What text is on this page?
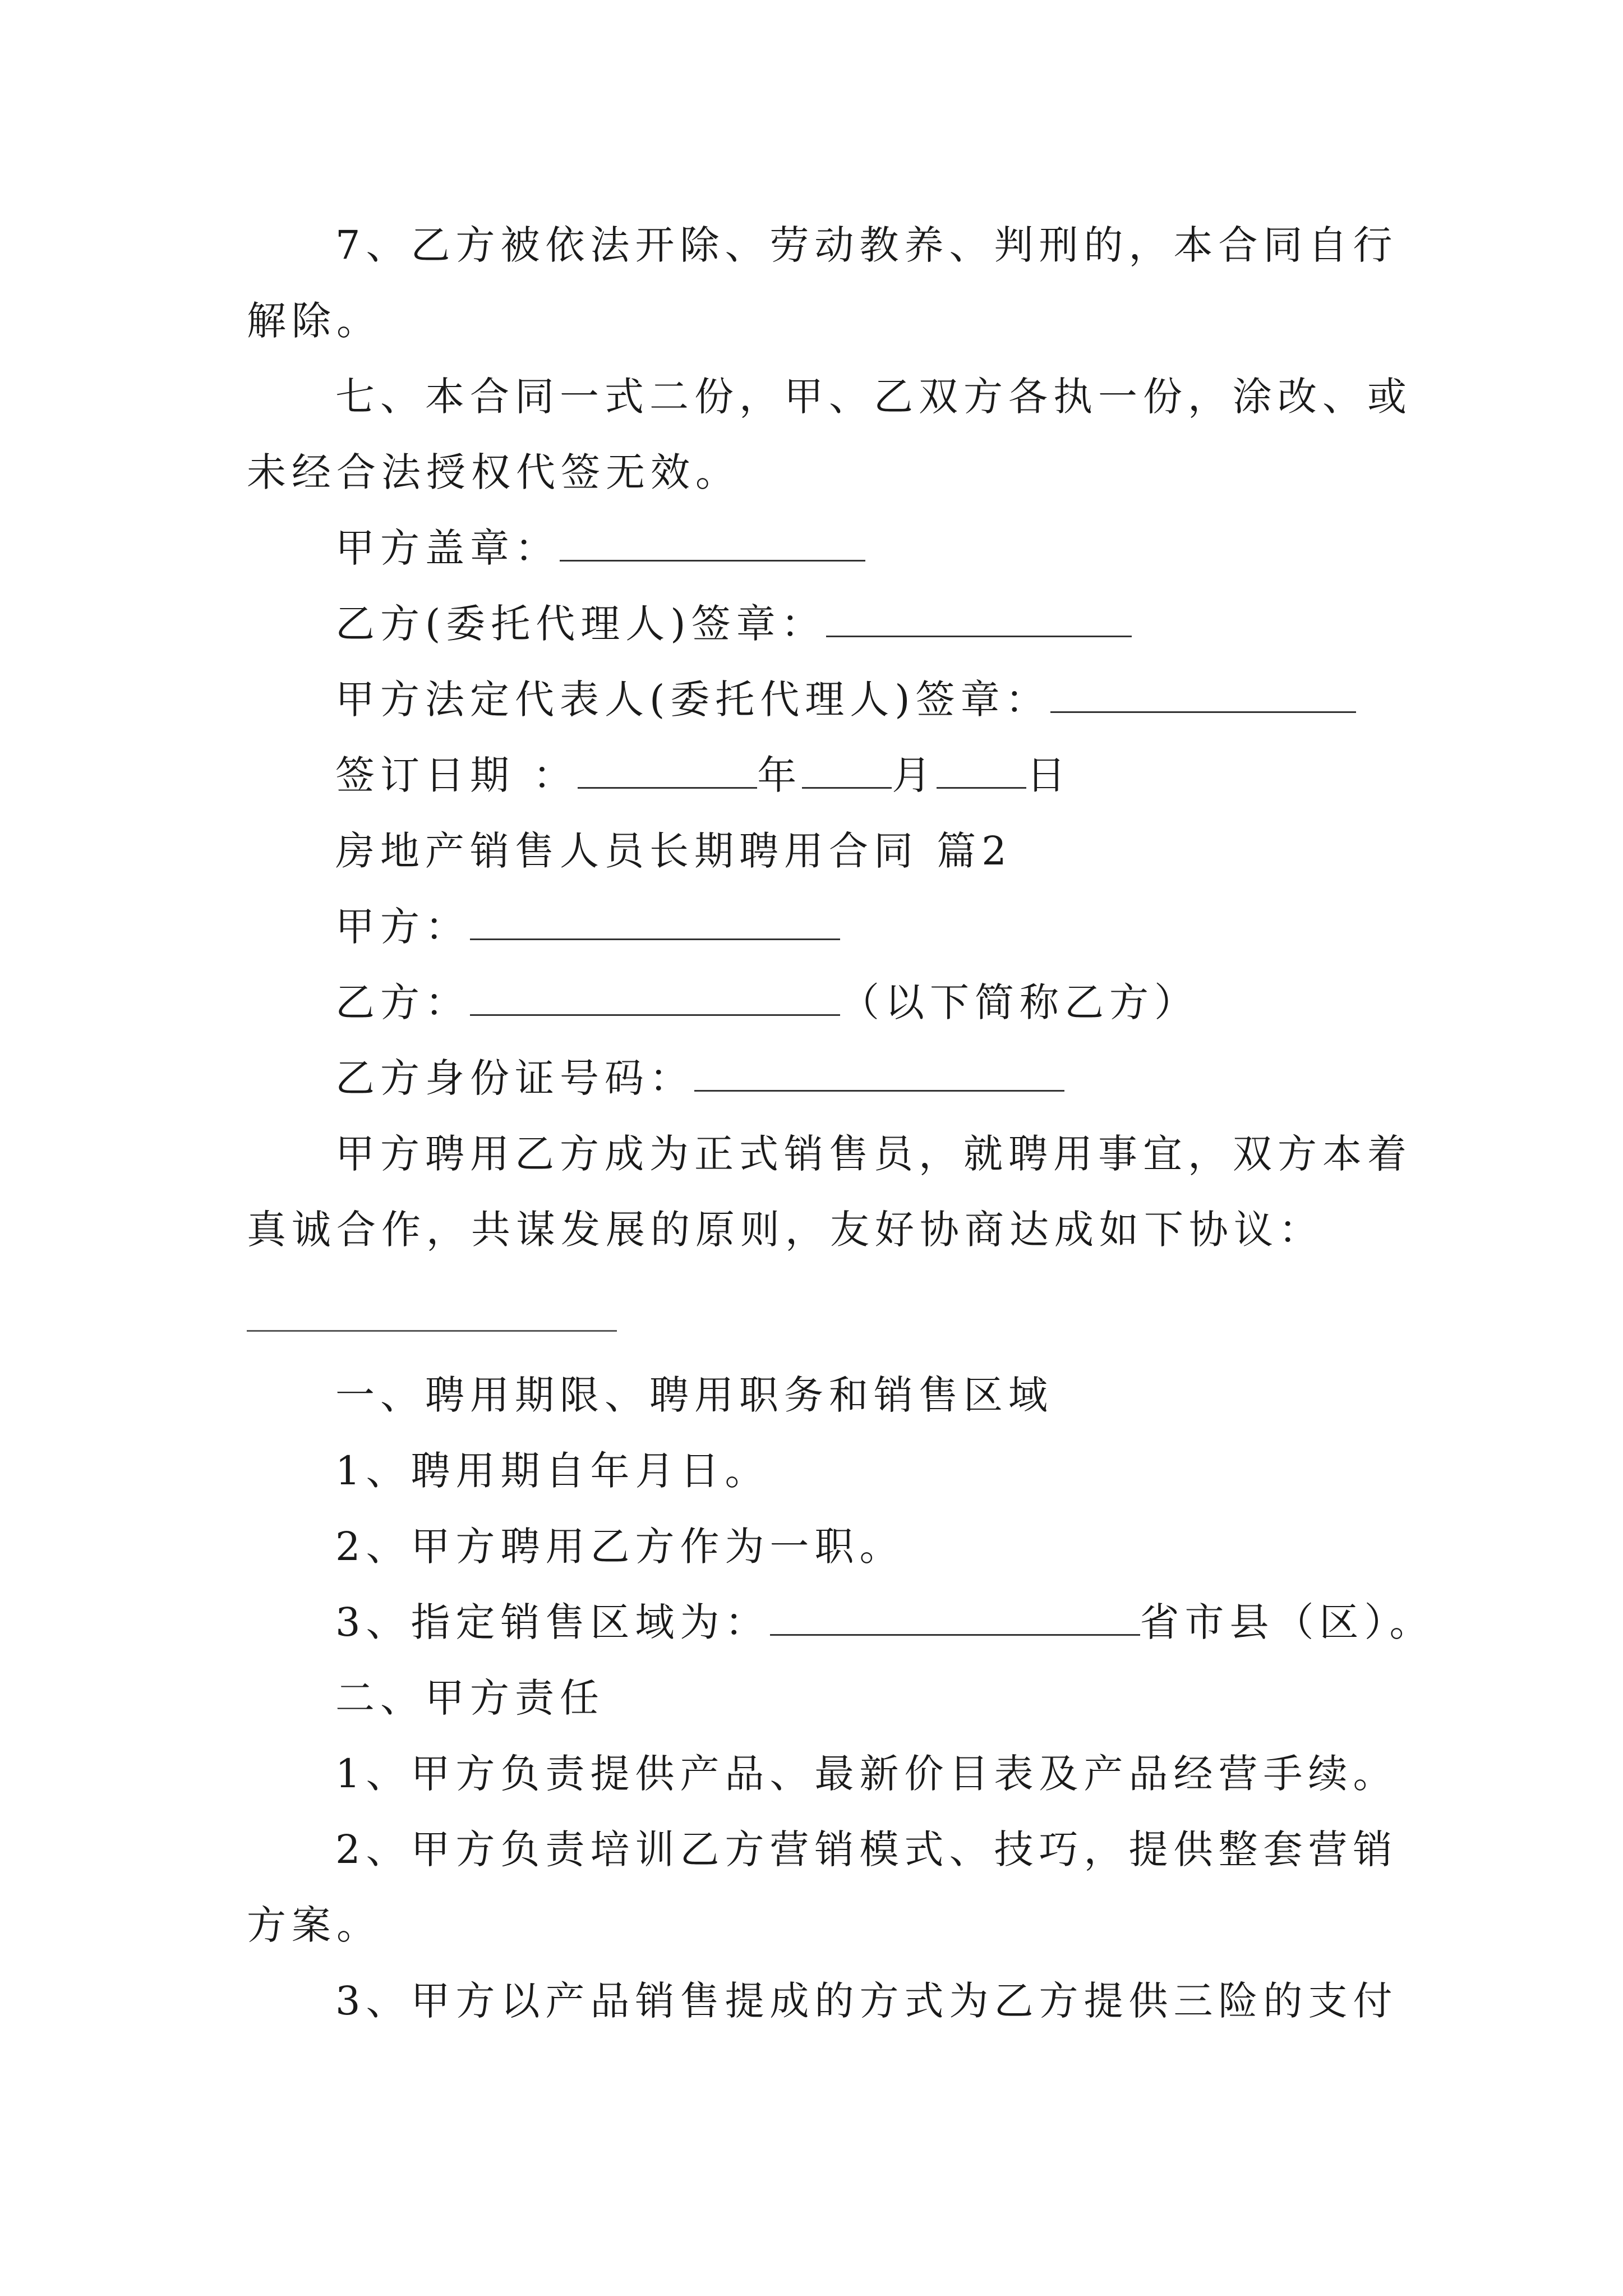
7、乙方被依法开除、劳动教养、判刑的，本合同自行
解除。
七、本合同一式二份，甲、乙双方各执一份，涂改、或
未经合法授权代签无效。
甲方盖章：
乙方(委托代理人)签章：
甲方法定代表人(委托代理人)签章：
签订日期 ：	年 月 日
房地产销售人员长期聘用合同 篇2
甲方：
乙方：	（以下简称乙方）
乙方身份证号码：
甲方聘用乙方成为正式销售员，就聘用事宜，双方本着
真诚合作，共谋发展的原则，友好协商达成如下协议：
一、聘用期限、聘用职务和销售区域
1、聘用期自年月日。
2、甲方聘用乙方作为一职。
3、指定销售区域为：	省市县（区）。
二、甲方责任
1、甲方负责提供产品、最新价目表及产品经营手续。
2、甲方负责培训乙方营销模式、技巧，提供整套营销
方案。
3、甲方以产品销售提成的方式为乙方提供三险的支付
